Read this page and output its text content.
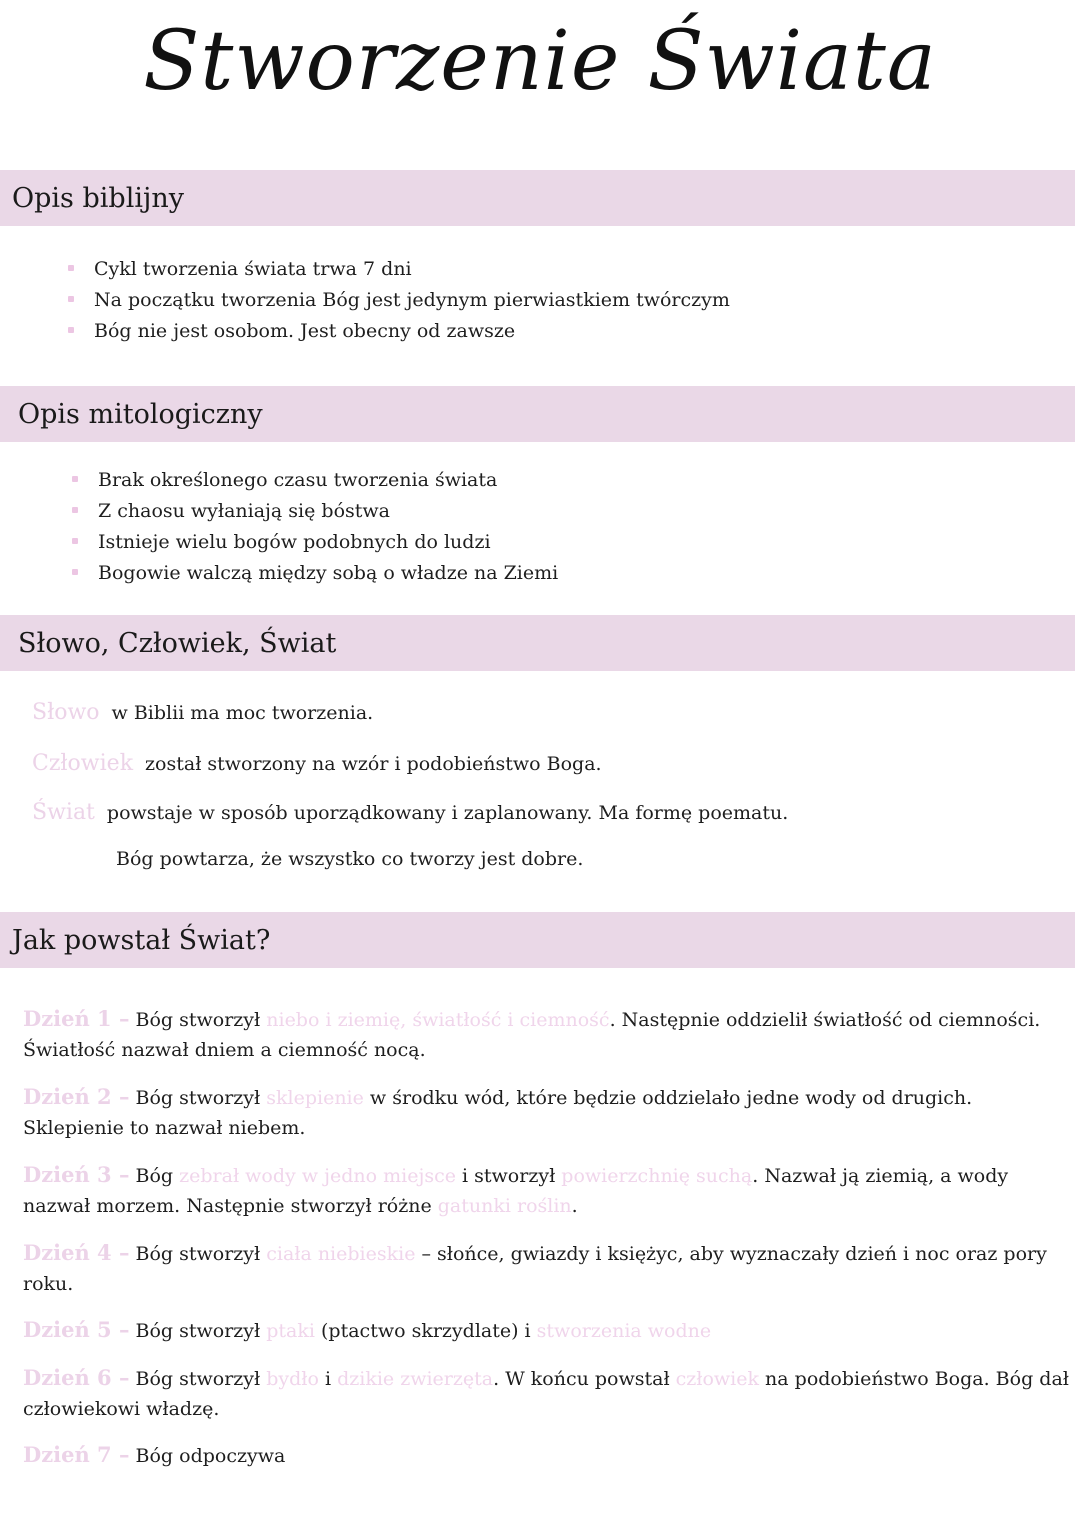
Stworzenie Świata
Opis biblijny
Cykl tworzenia świata trwa 7 dni
Na początku tworzenia Bóg jest jedynym pierwiastkiem twórczym
Bóg nie jest osobom. Jest obecny od zawsze
Opis mitologiczny
Brak określonego czasu tworzenia świata
Z chaosu wyłaniają się bóstwa
Istnieje wielu bogów podobnych do ludzi
Bogowie walczą między sobą o władze na Ziemi
Słowo, Człowiek, Świat
Słowo w Biblii ma moc tworzenia.
Człowiek został stworzony na wzór i podobieństwo Boga.
Świat powstaje w sposób uporządkowany i zaplanowany. Ma formę poematu.
Bóg powtarza, że wszystko co tworzy jest dobre.
Jak powstał Świat?
Dzień 1 – Bóg stworzył niebo i ziemię, światłość i ciemność. Następnie oddzielił światłość od ciemności. Światłość nazwał dniem a ciemność nocą.
Dzień 2 – Bóg stworzył sklepienie w środku wód, które będzie oddzielało jedne wody od drugich. Sklepienie to nazwał niebem.
Dzień 3 – Bóg zebrał wody w jedno miejsce i stworzył powierzchnię suchą. Nazwał ją ziemią, a wody nazwał morzem. Następnie stworzył różne gatunki roślin.
Dzień 4 – Bóg stworzył ciała niebieskie – słońce, gwiazdy i księżyc, aby wyznaczały dzień i noc oraz pory roku.
Dzień 5 – Bóg stworzył ptaki (ptactwo skrzydlate) i stworzenia wodne
Dzień 6 – Bóg stworzył bydło i dzikie zwierzęta. W końcu powstał człowiek na podobieństwo Boga. Bóg dał człowiekowi władzę.
Dzień 7 – Bóg odpoczywa
